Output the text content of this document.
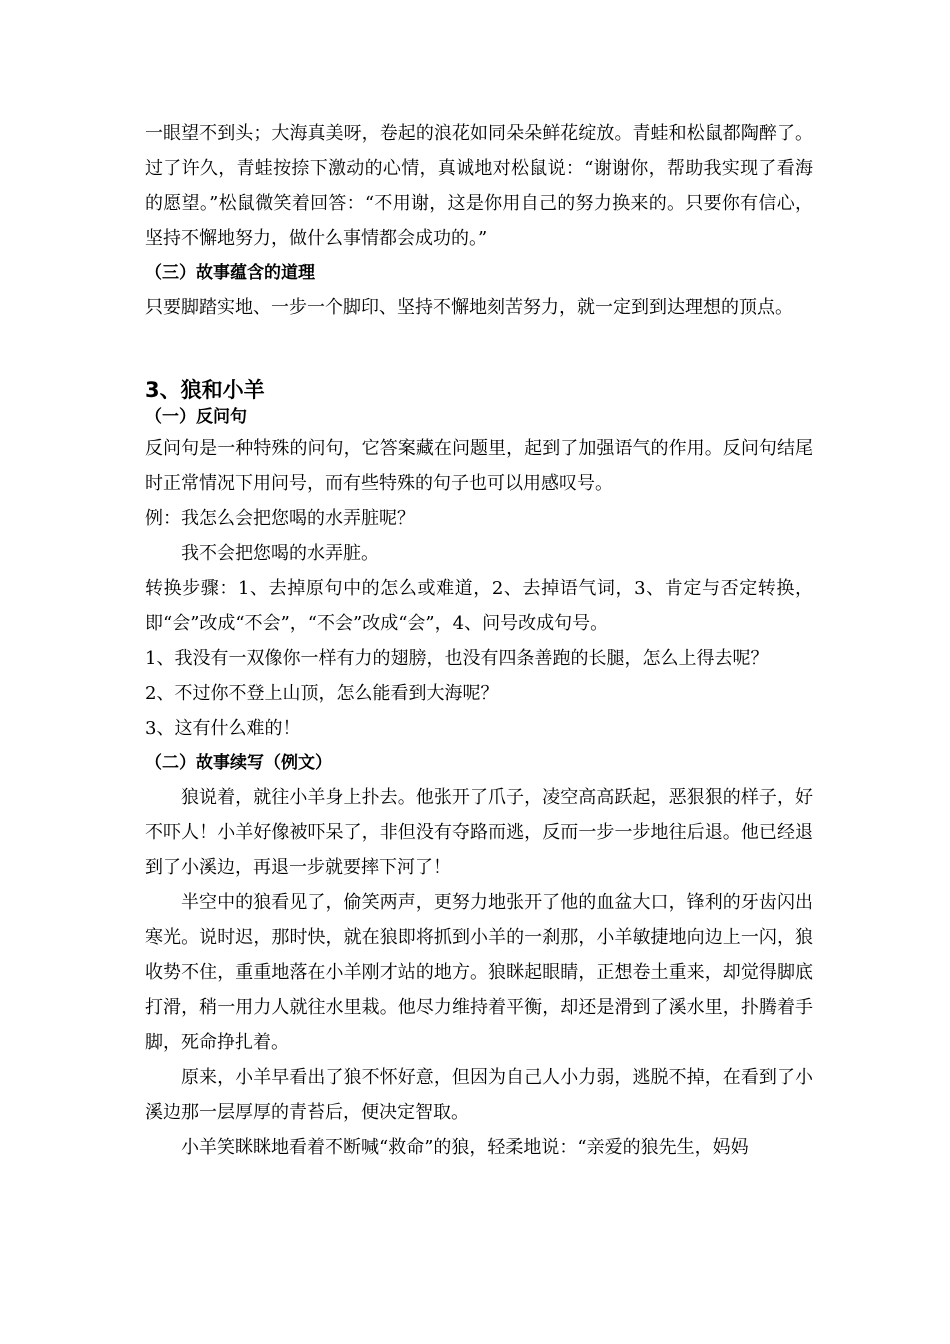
一眼望不到头；大海真美呀，卷起的浪花如同朵朵鲜花绽放。青蛙和松鼠都陶醉了。过了许久，青蛙按捺下激动的心情，真诚地对松鼠说：“谢谢你，帮助我实现了看海的愿望。”松鼠微笑着回答：“不用谢，这是你用自己的努力换来的。只要你有信心，坚持不懈地努力，做什么事情都会成功的。”

（三）故事蕴含的道理

只要脚踏实地、一步一个脚印、坚持不懈地刻苦努力，就一定到到达理想的顶点。

3、狼和小羊
（一）反问句

反问句是一种特殊的问句，它答案藏在问题里，起到了加强语气的作用。反问句结尾时正常情况下用问号，而有些特殊的句子也可以用感叹号。

例：我怎么会把您喝的水弄脏呢？

我不会把您喝的水弄脏。

转换步骤：1、去掉原句中的怎么或难道，2、去掉语气词，3、肯定与否定转换，即“会”改成“不会”，“不会”改成“会”，4、问号改成句号。

1、我没有一双像你一样有力的翅膀，也没有四条善跑的长腿，怎么上得去呢？

2、不过你不登上山顶，怎么能看到大海呢？

3、这有什么难的！

（二）故事续写（例文）

狼说着，就往小羊身上扑去。他张开了爪子，凌空高高跃起，恶狠狠的样子，好不吓人！小羊好像被吓呆了，非但没有夺路而逃，反而一步一步地往后退。他已经退到了小溪边，再退一步就要摔下河了！

半空中的狼看见了，偷笑两声，更努力地张开了他的血盆大口，锋利的牙齿闪出寒光。说时迟，那时快，就在狼即将抓到小羊的一刹那，小羊敏捷地向边上一闪，狼收势不住，重重地落在小羊刚才站的地方。狼眯起眼睛，正想卷土重来，却觉得脚底打滑，稍一用力人就往水里栽。他尽力维持着平衡，却还是滑到了溪水里，扑腾着手脚，死命挣扎着。

原来，小羊早看出了狼不怀好意，但因为自己人小力弱，逃脱不掉，在看到了小溪边那一层厚厚的青苔后，便决定智取。

小羊笑眯眯地看着不断喊“救命”的狼，轻柔地说：“亲爱的狼先生，妈妈
